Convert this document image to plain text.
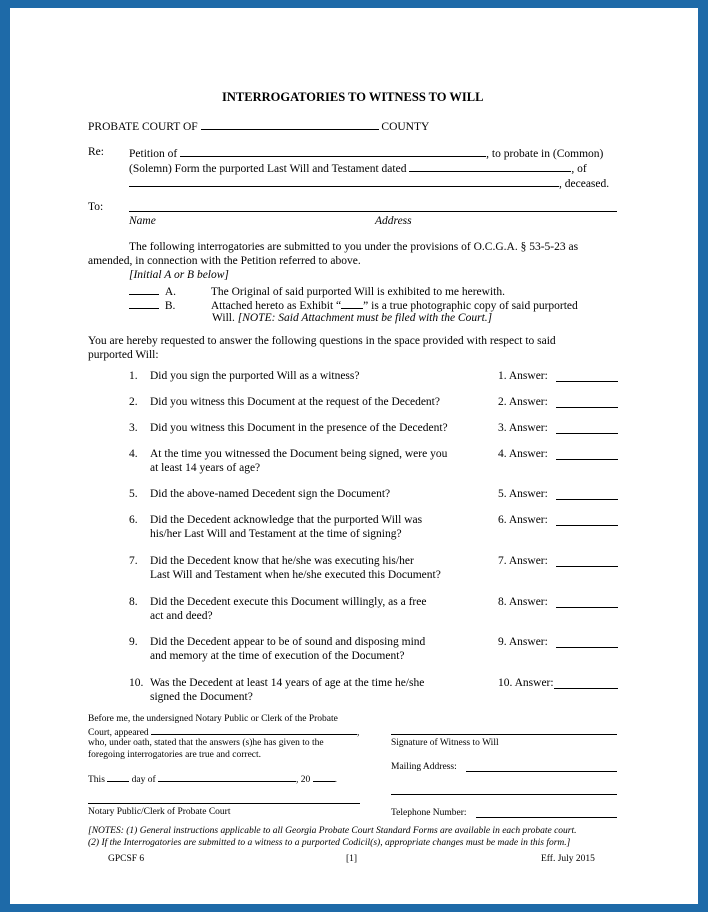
INTERROGATORIES TO WITNESS TO WILL
PROBATE COURT OF	COUNTY
Re: Petition of	, to probate in (Common)
(Solemn) Form the purported Last Will and Testament dated	, of
, deceased.
To:
Name	Address
The following interrogatories are submitted to you under the provisions of O.C.G.A. § 53-5-23 as
amended, in connection with the Petition referred to above.
[Initial A or B below]
A.	The Original of said purported Will is exhibited to me herewith.
B.	Attached hereto as Exhibit “ ” is a true photographic copy of said purported
Will. [NOTE: Said Attachment must be filed with the Court.]
You are hereby requested to answer the following questions in the space provided with respect to said
purported Will:
1. Did you sign the purported Will as a witness?	1. Answer:
2. Did you witness this Document at the request of the Decedent?	2. Answer:
3. Did you witness this Document in the presence of the Decedent?	3. Answer:
4. At the time you witnessed the Document being signed, were you
at least 14 years of age?
4. Answer:
5. Did the above-named Decedent sign the Document?	5. Answer:
6. Did the Decedent acknowledge that the purported Will was
his/her Last Will and Testament at the time of signing?
6. Answer:
7. Did the Decedent know that he/she was executing his/her
Last Will and Testament when he/she executed this Document?
7. Answer:
8. Did the Decedent execute this Document willingly, as a free
act and deed?
8. Answer:
9. Did the Decedent appear to be of sound and disposing mind
and memory at the time of execution of the Document?
9. Answer:
10. Was the Decedent at least 14 years of age at the time he/she
signed the Document?
10. Answer:
Before me, the undersigned Notary Public or Clerk of the Probate
Court, appeared	,
who, under oath, stated that the answers (s)he has given to the
foregoing interrogatories are true and correct.
This	day of	, 20	.
Notary Public/Clerk of Probate Court
Signature of Witness to Will
Mailing Address:
Telephone Number:
[NOTES: (1) General instructions applicable to all Georgia Probate Court Standard Forms are available in each probate court.
(2) If the Interrogatories are submitted to a witness to a purported Codicil(s), appropriate changes must be made in this form.]
GPCSF 6	[1]	Eff. July 2015
